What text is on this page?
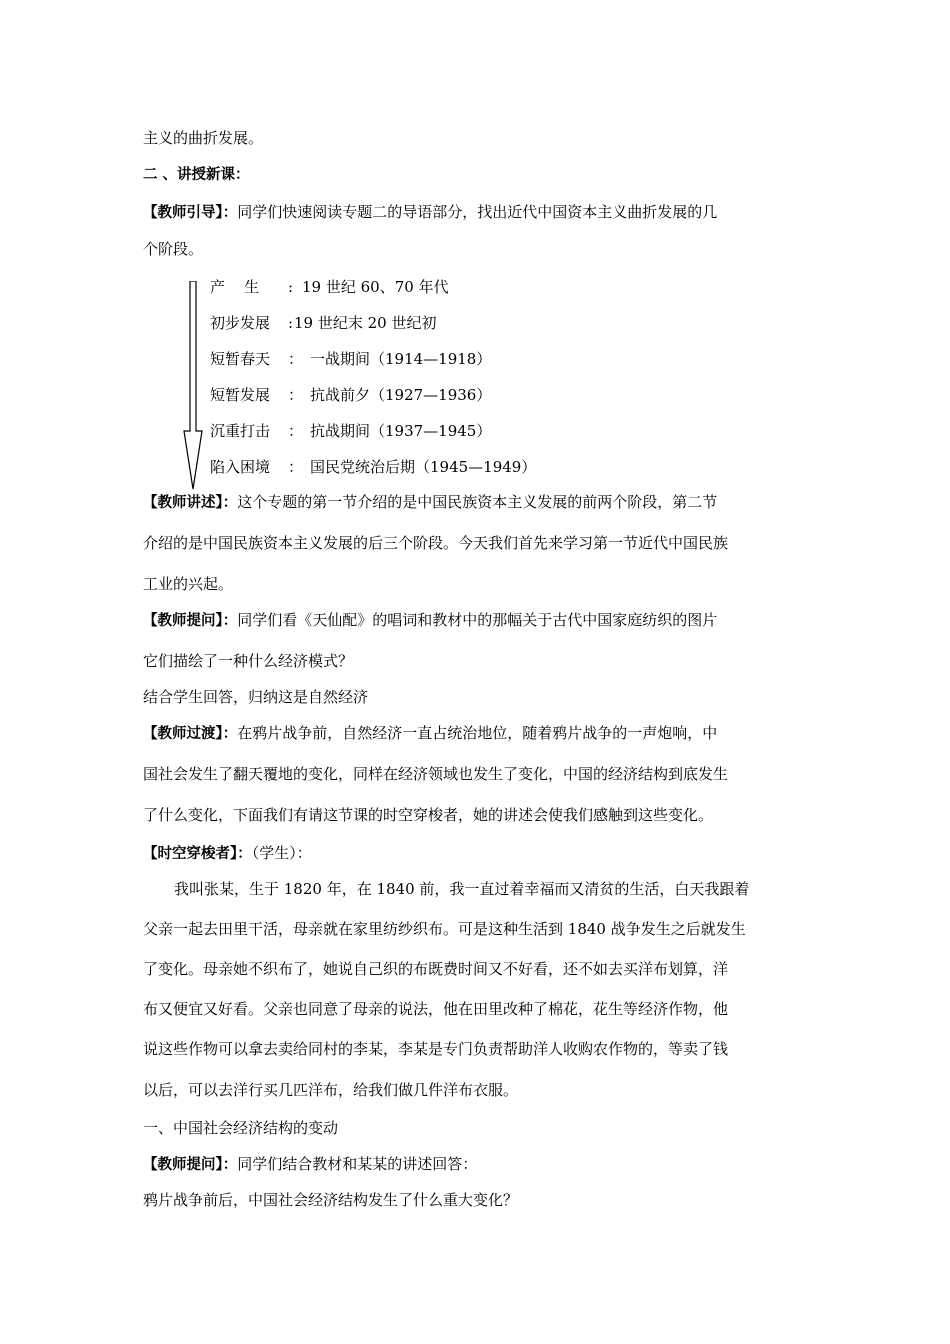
主义的曲折发展。
二 、讲授新课：
【教师引导】：同学们快速阅读专题二的导语部分，找出近代中国资本主义曲折发展的几
个阶段。
产    生 : 19 世纪 60、70 年代
初步发展 :19 世纪末 20 世纪初
短暂春天 ： 一战期间（1914—1918）
短暂发展 ： 抗战前夕（1927—1936）
沉重打击 ： 抗战期间（1937—1945）
陷入困境 ： 国民党统治后期（1945—1949）
【教师讲述】：这个专题的第一节介绍的是中国民族资本主义发展的前两个阶段，第二节
介绍的是中国民族资本主义发展的后三个阶段。今天我们首先来学习第一节近代中国民族
工业的兴起。
【教师提问】：同学们看《天仙配》的唱词和教材中的那幅关于古代中国家庭纺织的图片
它们描绘了一种什么经济模式？
结合学生回答，归纳这是自然经济
【教师过渡】：在鸦片战争前，自然经济一直占统治地位，随着鸦片战争的一声炮响，中
国社会发生了翻天覆地的变化，同样在经济领域也发生了变化，中国的经济结构到底发生
了什么变化，下面我们有请这节课的时空穿梭者，她的讲述会使我们感触到这些变化。
【时空穿梭者】：（学生）：
我叫张某，生于 1820 年，在 1840 前，我一直过着幸福而又清贫的生活，白天我跟着
父亲一起去田里干活，母亲就在家里纺纱织布。可是这种生活到 1840 战争发生之后就发生
了变化。母亲她不织布了，她说自己织的布既费时间又不好看，还不如去买洋布划算，洋
布又便宜又好看。父亲也同意了母亲的说法，他在田里改种了棉花，花生等经济作物，他
说这些作物可以拿去卖给同村的李某，李某是专门负责帮助洋人收购农作物的，等卖了钱
以后，可以去洋行买几匹洋布，给我们做几件洋布衣服。
一、中国社会经济结构的变动
【教师提问】：同学们结合教材和某某的讲述回答：
鸦片战争前后，中国社会经济结构发生了什么重大变化？
